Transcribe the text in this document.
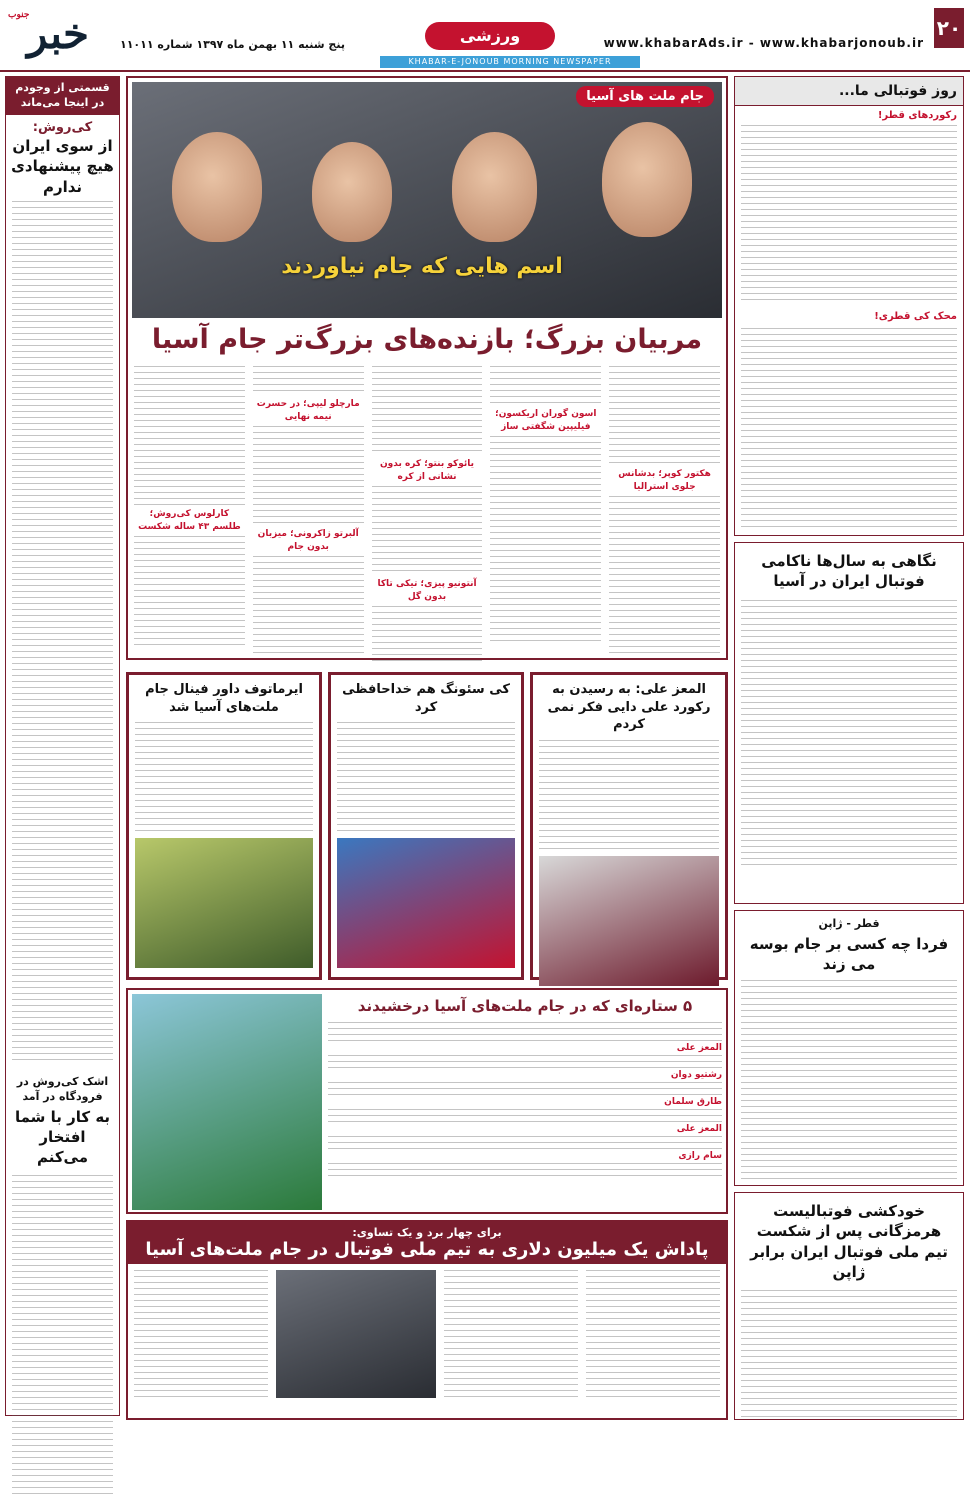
۲۰
www.khabarAds.ir - www.khabarjonoub.ir
ورزشی
پنج شنبه ۱۱ بهمن ماه ۱۳۹۷ شماره ۱۱۰۱۱
جنوب
خبر
KHABAR-E-JONOUB MORNING NEWSPAPER
قسمتی از وجودم در اینجا می‌ماند
کی‌روش:
از سوی ایران هیچ پیشنهادی ندارم
اشک کی‌روش در فرودگاه در آمد
به کار با شما افتخار می‌کنم
روز فوتبالی ما...
رکوردهای قطر!
محک کی قطری!
نگاهی به سال‌ها ناکامی فوتبال ایران در آسیا
قطر - ژاپن
فردا چه کسی بر جام بوسه می زند
خودکشی فوتبالیست هرمزگانی پس از شکست تیم ملی فوتبال ایران برابر ژاپن
جام ملت های آسیا
اسم هایی که جام نیاوردند
مربیان بزرگ؛ بازنده‌های بزرگ‌تر جام آسیا
هکتور کوپر؛ بدشانس جلوی استرالیا
اسون گوران اریکسون؛ فیلیپین شگفتی ساز
یائوکو بنتو؛ کره بدون نشانی از کره
آنتونیو پیزی؛ تیکی تاکا بدون گل
مارچلو لیپی؛ در حسرت نیمه نهایی
آلبرتو زاکرونی؛ میزبان بدون جام
کارلوس کی‌روش؛ طلسم ۴۳ ساله شکست
ایرماتوف داور فینال جام ملت‌های آسیا شد
کی سئونگ هم خداحافظی کرد
المعز علی: به رسیدن به رکورد علی دایی فکر نمی کردم
۵ ستاره‌ای که در جام ملت‌های آسیا درخشیدند
المعز علی
رشتیو دوان
طارق سلمان
المعز علی
سام رازی
برای چهار برد و یک تساوی:
پاداش یک میلیون دلاری به تیم ملی فوتبال در جام ملت‌های آسیا
